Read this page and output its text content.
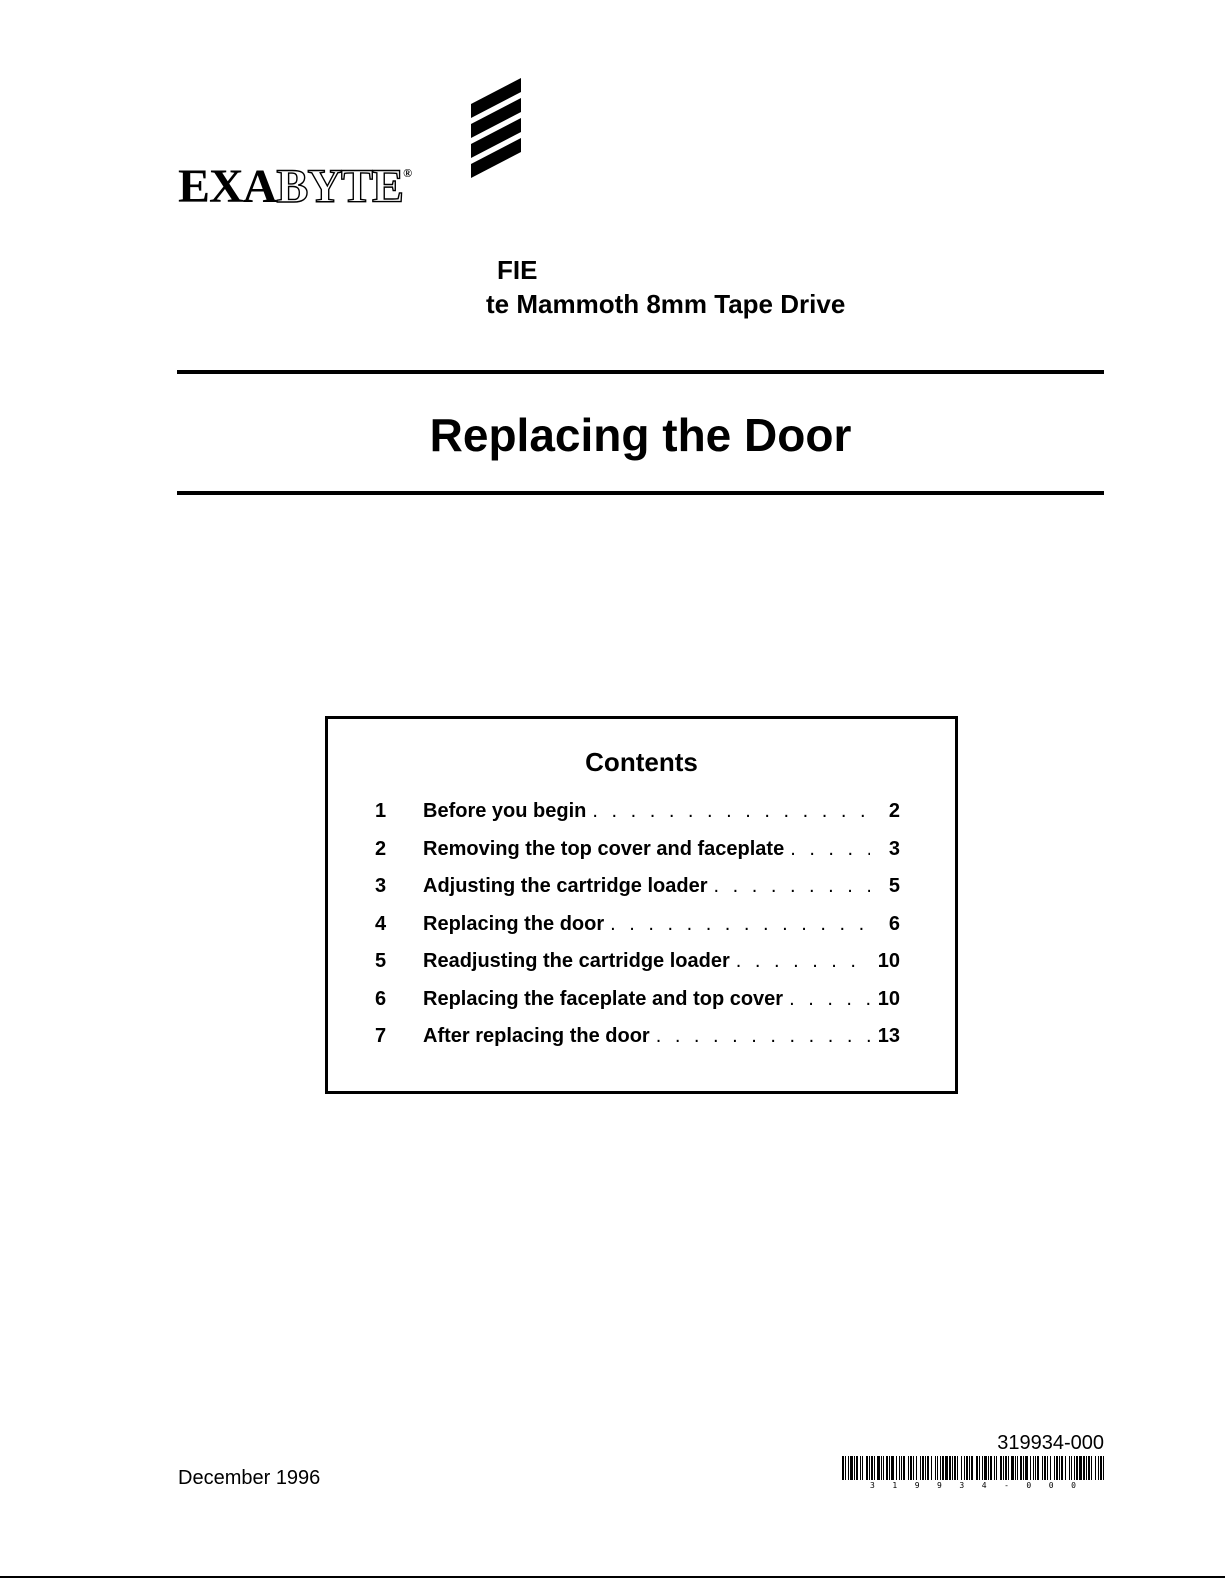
EXABYTE®
FIE
te Mammoth 8mm Tape Drive
Replacing the Door
Contents
1	Before you begin . . .	2
2	Removing the top cover and faceplate . . .	3
3	Adjusting the cartridge loader . . .	5
4	Replacing the door . . .	6
5	Readjusting the cartridge loader . . .	10
6	Replacing the faceplate and top cover . . .	10
7	After replacing the door . . .	13
December 1996
319934-000
3 1 9 9 3 4 - 0 0 0
